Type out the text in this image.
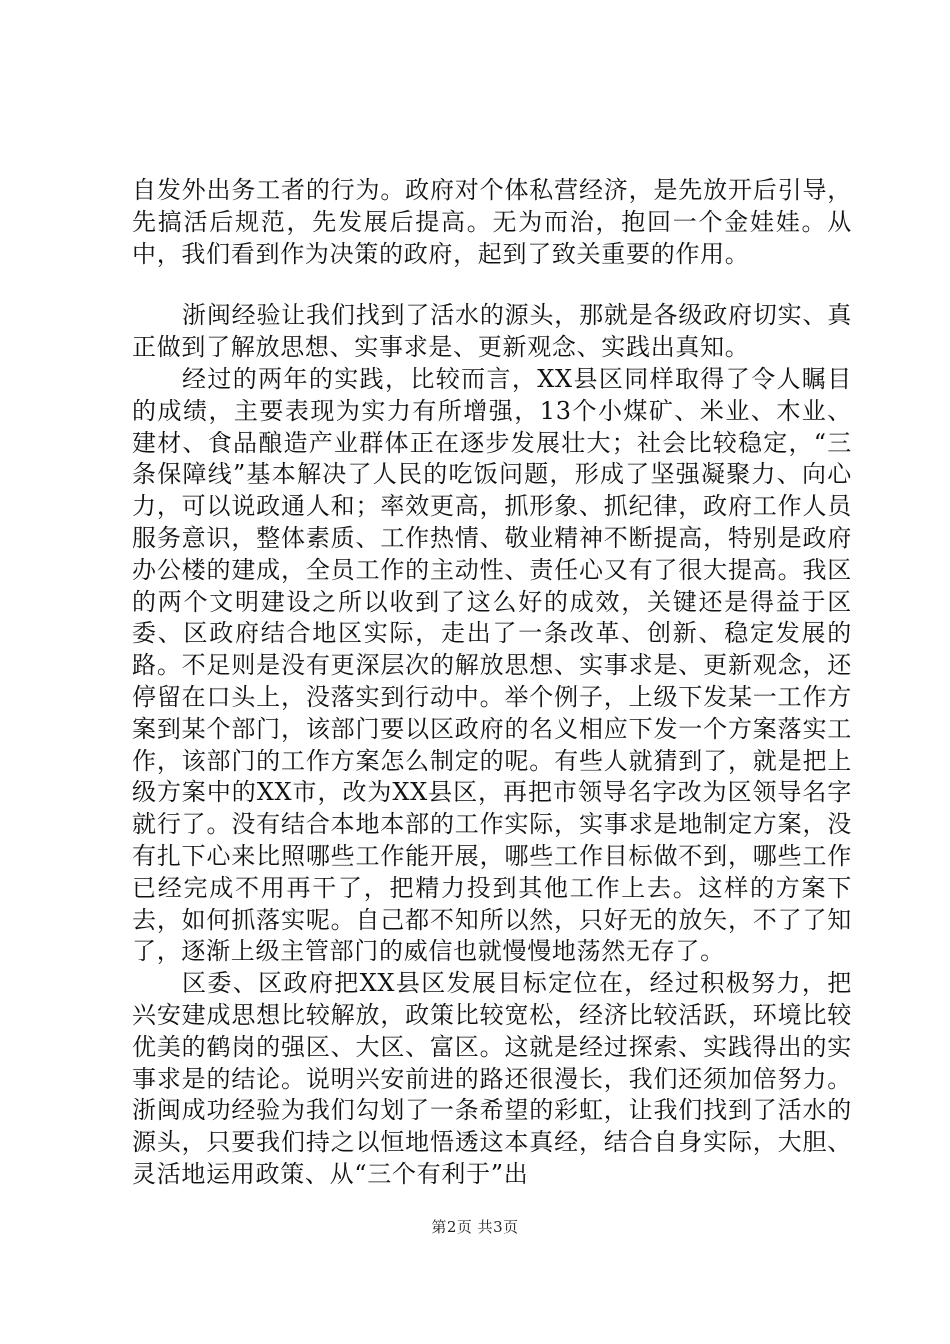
自发外出务工者的行为。政府对个体私营经济，是先放开后引导，先搞活后规范，先发展后提高。无为而治，抱回一个金娃娃。从中，我们看到作为决策的政府，起到了致关重要的作用。

浙闽经验让我们找到了活水的源头，那就是各级政府切实、真正做到了解放思想、实事求是、更新观念、实践出真知。

经过的两年的实践，比较而言，XX县区同样取得了令人瞩目的成绩，主要表现为实力有所增强，13个小煤矿、米业、木业、建材、食品酿造产业群体正在逐步发展壮大；社会比较稳定，“三条保障线”基本解决了人民的吃饭问题，形成了坚强凝聚力、向心力，可以说政通人和；率效更高，抓形象、抓纪律，政府工作人员服务意识，整体素质、工作热情、敬业精神不断提高，特别是政府办公楼的建成，全员工作的主动性、责任心又有了很大提高。我区的两个文明建设之所以收到了这么好的成效，关键还是得益于区委、区政府结合地区实际，走出了一条改革、创新、稳定发展的路。不足则是没有更深层次的解放思想、实事求是、更新观念，还停留在口头上，没落实到行动中。举个例子，上级下发某一工作方案到某个部门，该部门要以区政府的名义相应下发一个方案落实工作，该部门的工作方案怎么制定的呢。有些人就猜到了，就是把上级方案中的XX市，改为XX县区，再把市领导名字改为区领导名字就行了。没有结合本地本部的工作实际，实事求是地制定方案，没有扎下心来比照哪些工作能开展，哪些工作目标做不到，哪些工作已经完成不用再干了，把精力投到其他工作上去。这样的方案下去，如何抓落实呢。自己都不知所以然，只好无的放矢，不了了知了，逐渐上级主管部门的威信也就慢慢地荡然无存了。

区委、区政府把XX县区发展目标定位在，经过积极努力，把兴安建成思想比较解放，政策比较宽松，经济比较活跃，环境比较优美的鹤岗的强区、大区、富区。这就是经过探索、实践得出的实事求是的结论。说明兴安前进的路还很漫长，我们还须加倍努力。浙闽成功经验为我们勾划了一条希望的彩虹，让我们找到了活水的源头，只要我们持之以恒地悟透这本真经，结合自身实际，大胆、灵活地运用政策、从“三个有利于”出

第2页 共3页
